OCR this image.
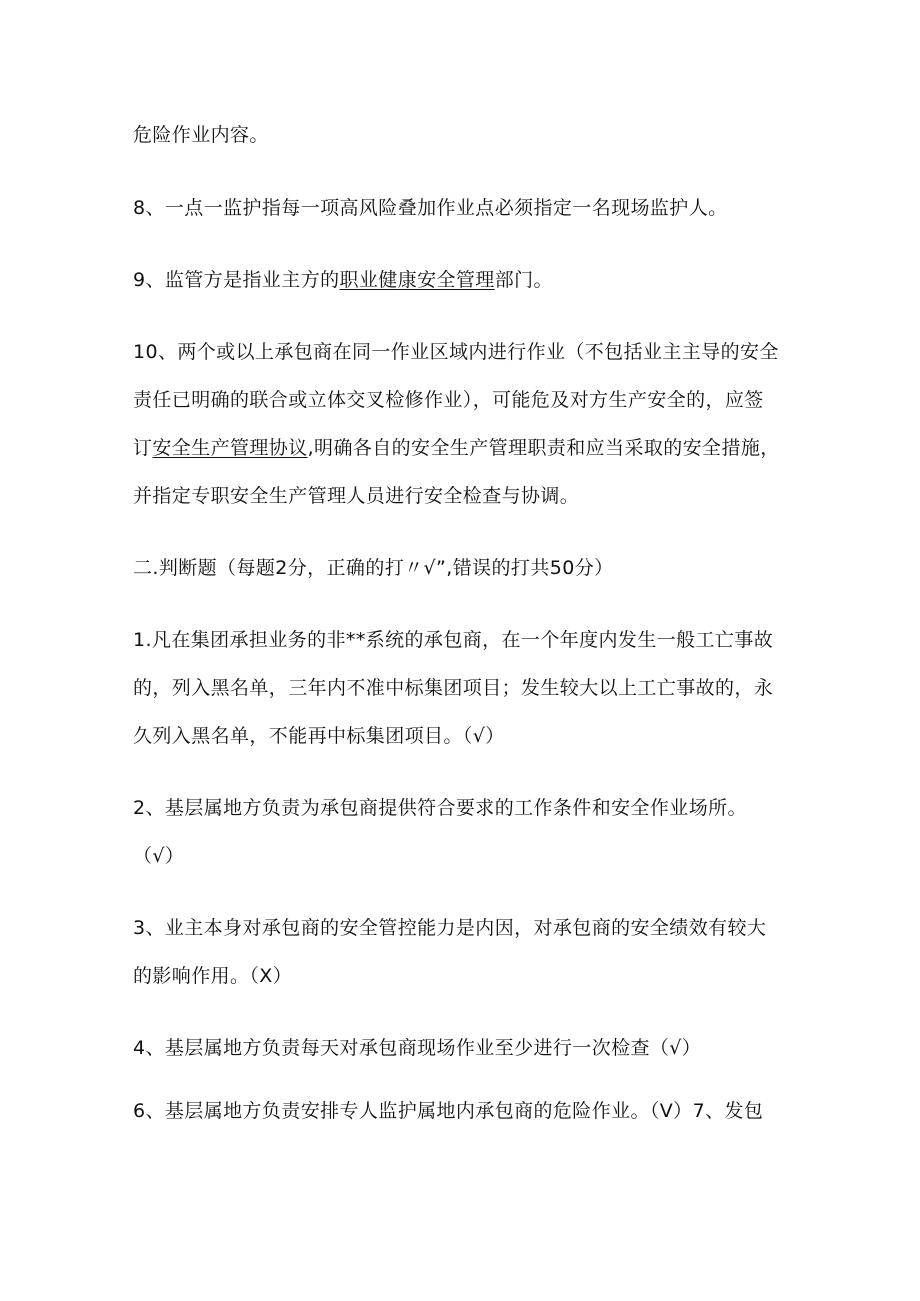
危险作业内容。
8、一点一监护指每一项高风险叠加作业点必须指定一名现场监护人。
9、监管方是指业主方的职业健康安全管理部门。
10、两个或以上承包商在同一作业区域内进行作业（不包括业主主导的安全
责任已明确的联合或立体交叉检修作业），可能危及对方生产安全的，应签
订安全生产管理协议,明确各自的安全生产管理职责和应当采取的安全措施，
并指定专职安全生产管理人员进行安全检查与协调。
二.判断题（每题2分，正确的打〃√”,错误的打共50分）
1.凡在集团承担业务的非**系统的承包商，在一个年度内发生一般工亡事故
的，列入黑名单，三年内不准中标集团项目；发生较大以上工亡事故的，永
久列入黑名单，不能再中标集团项目。（√）
2、基层属地方负责为承包商提供符合要求的工作条件和安全作业场所。
（√）
3、业主本身对承包商的安全管控能力是内因，对承包商的安全绩效有较大
的影响作用。（X）
4、基层属地方负责每天对承包商现场作业至少进行一次检查（√）
6、基层属地方负责安排专人监护属地内承包商的危险作业。（V）7、发包
